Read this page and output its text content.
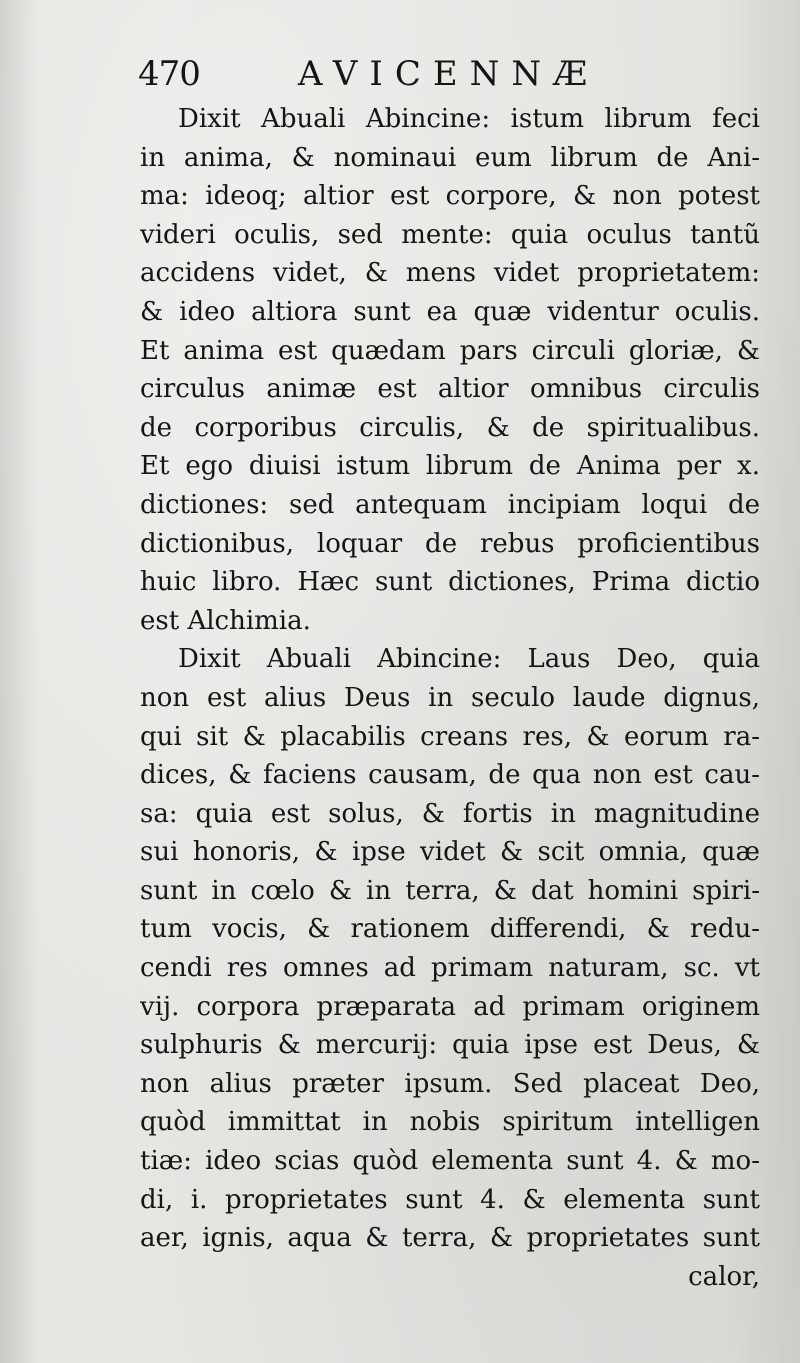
470	AVICENNÆ
Dixit Abuali Abincine: istum librum feci
in anima, & nominaui eum librum de Ani-
ma: ideoq; altior est corpore, & non potest
videri oculis, sed mente: quia oculus tantũ
accidens videt, & mens videt proprietatem:
& ideo altiora sunt ea quæ videntur oculis.
Et anima est quædam pars circuli gloriæ, &
circulus animæ est altior omnibus circulis
de corporibus circulis, & de spiritualibus.
Et ego diuisi istum librum de Anima per x.
dictiones: sed antequam incipiam loqui de
dictionibus, loquar de rebus proficientibus
huic libro. Hæc sunt dictiones, Prima dictio
est Alchimia.
Dixit Abuali Abincine: Laus Deo, quia
non est alius Deus in seculo laude dignus,
qui sit & placabilis creans res, & eorum ra-
dices, & faciens causam, de qua non est cau-
sa: quia est solus, & fortis in magnitudine
sui honoris, & ipse videt & scit omnia, quæ
sunt in cœlo & in terra, & dat homini spiri-
tum vocis, & rationem differendi, & redu-
cendi res omnes ad primam naturam, sc. vt
vij. corpora præparata ad primam originem
sulphuris & mercurij: quia ipse est Deus, &
non alius præter ipsum. Sed placeat Deo,
quòd immittat in nobis spiritum intelligen
tiæ: ideo scias quòd elementa sunt 4. & mo-
di, i. proprietates sunt 4. & elementa sunt
aer, ignis, aqua & terra, & proprietates sunt
calor,
